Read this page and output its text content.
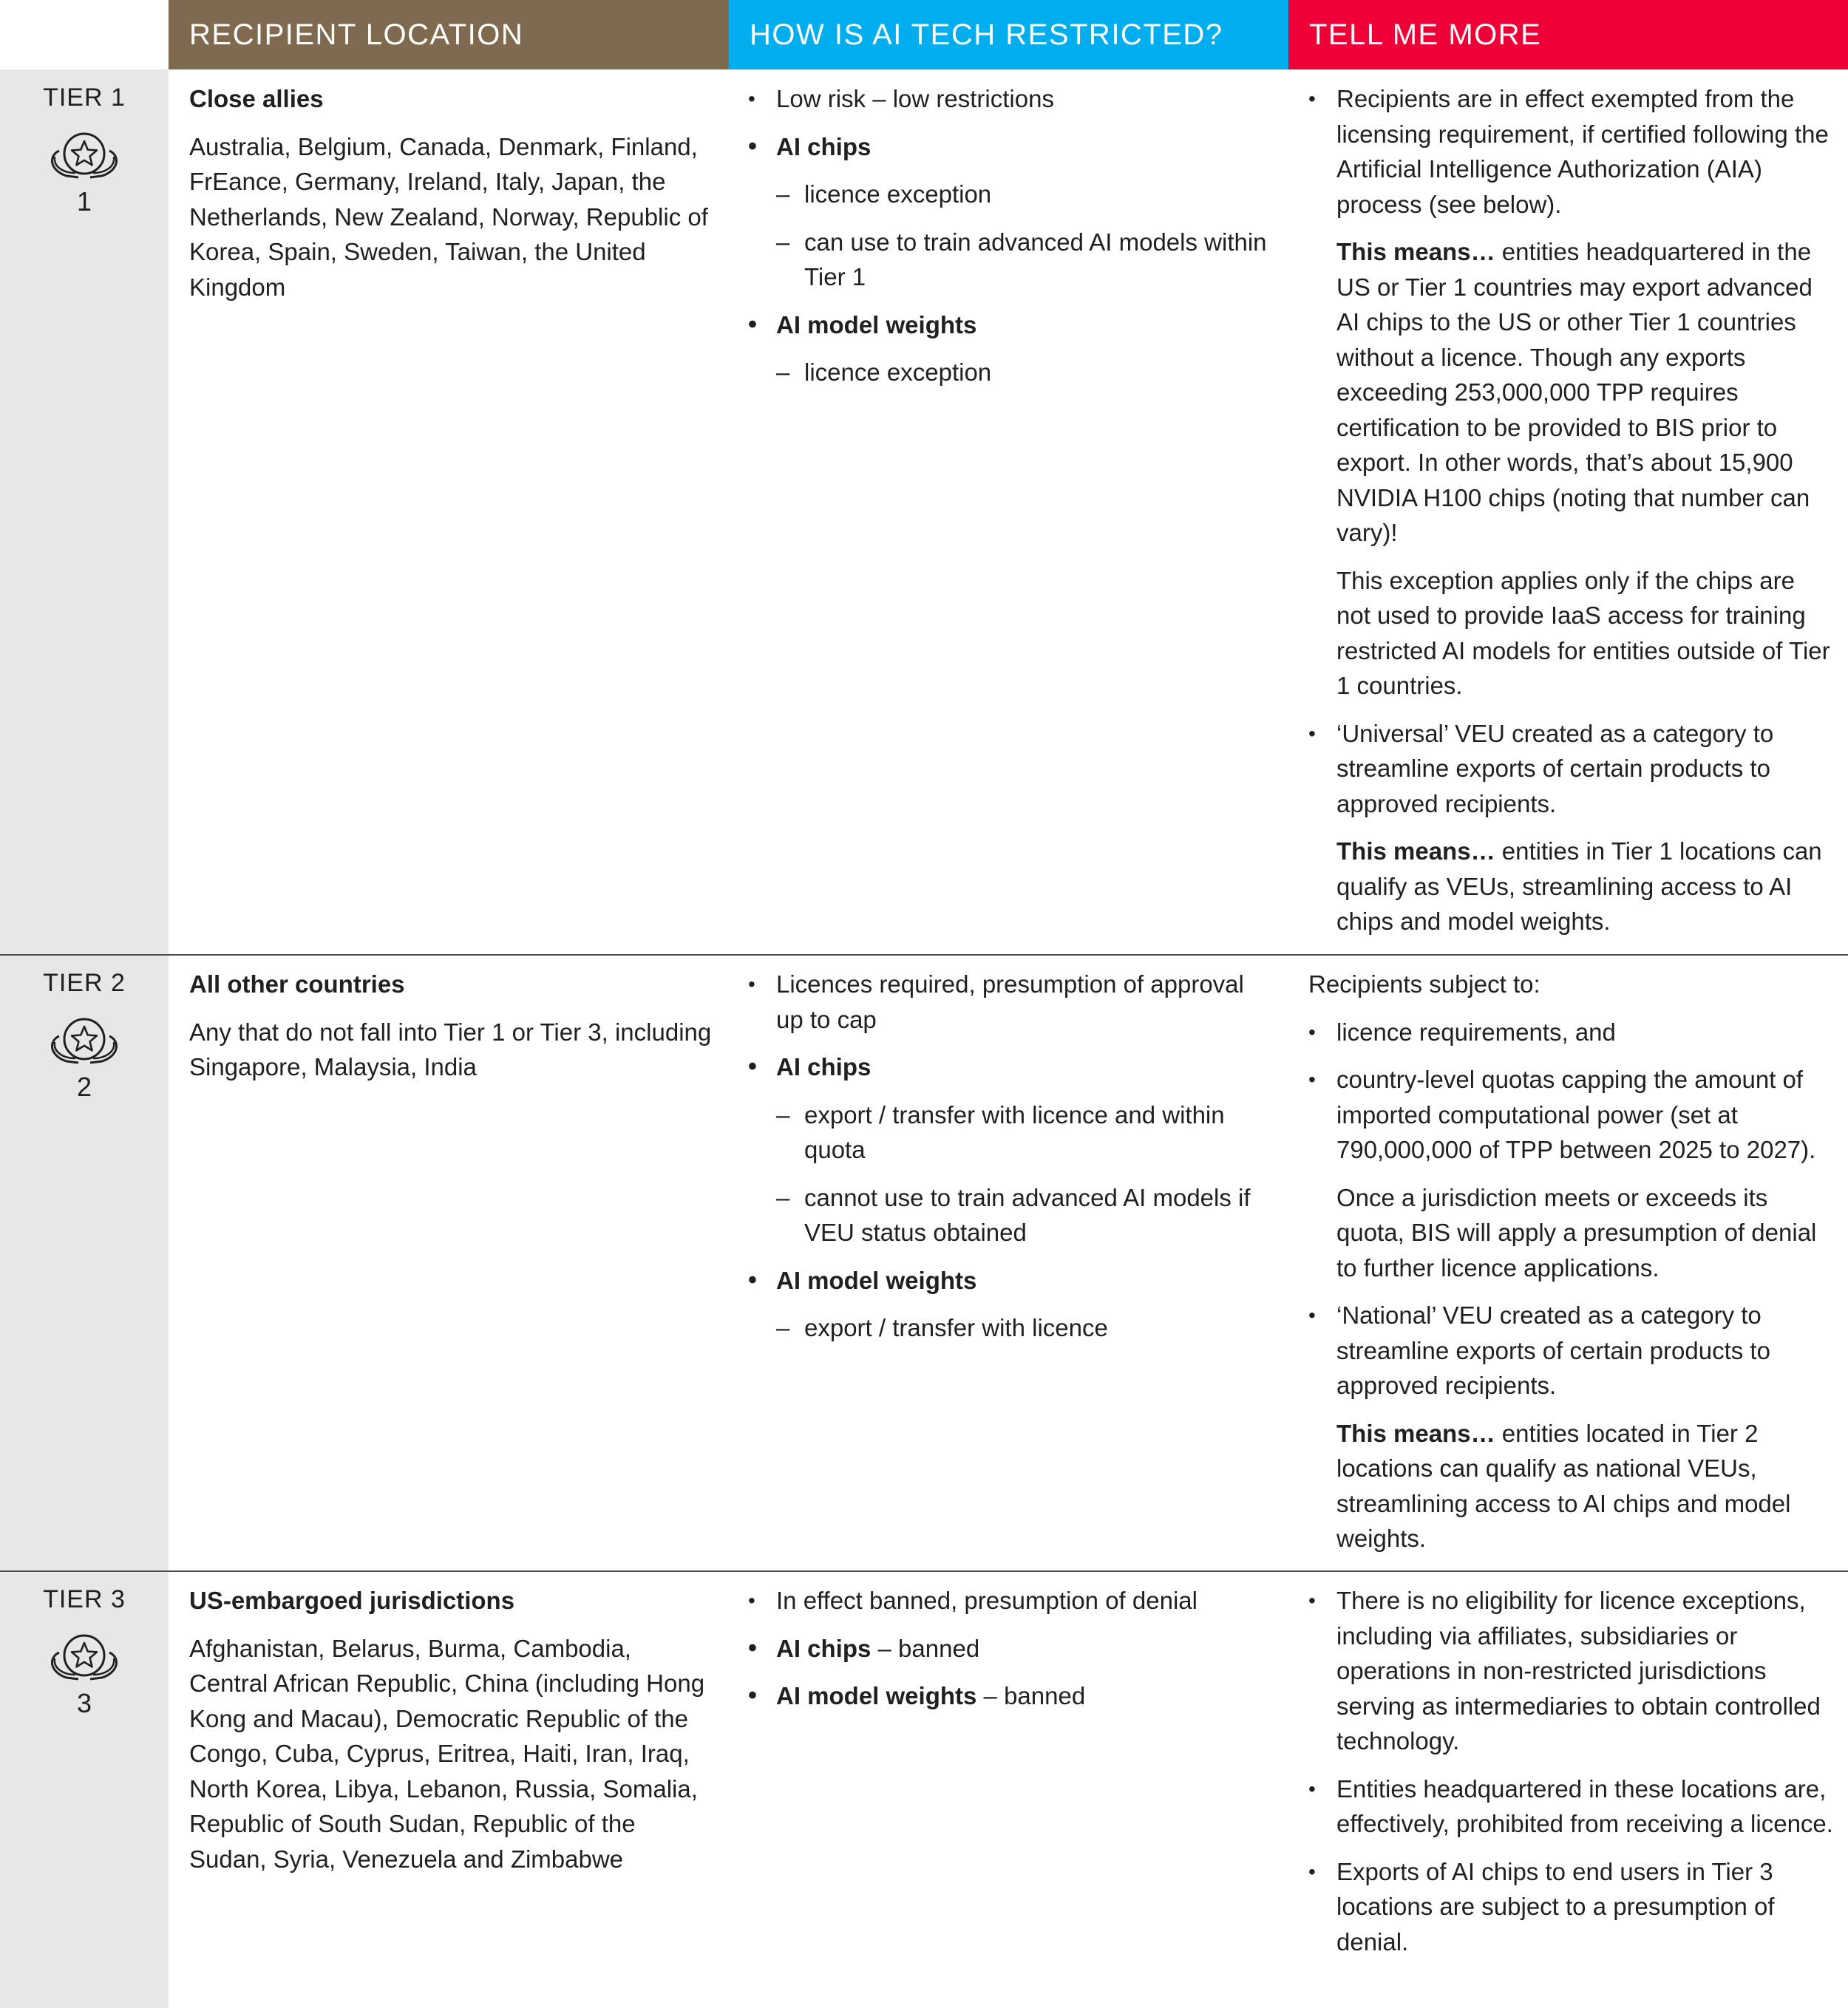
RECIPIENT LOCATION	HOW IS AI TECH RESTRICTED?	TELL ME MORE
TIER 1
1

Close allies

Australia, Belgium, Canada, Denmark, Finland, FrEance, Germany, Ireland, Italy, Japan, the Netherlands, New Zealand, Norway, Republic of Korea, Spain, Sweden, Taiwan, the United Kingdom

• Low risk – low restrictions
• AI chips
– licence exception
– can use to train advanced AI models within Tier 1
• AI model weights
– licence exception
• Recipients are in effect exempted from the licensing requirement, if certified following the Artificial Intelligence Authorization (AIA) process (see below).
This means… entities headquartered in the US or Tier 1 countries may export advanced AI chips to the US or other Tier 1 countries without a licence. Though any exports exceeding 253,000,000 TPP requires certification to be provided to BIS prior to export. In other words, that’s about 15,900 NVIDIA H100 chips (noting that number can vary)!
This exception applies only if the chips are not used to provide IaaS access for training restricted AI models for entities outside of Tier 1 countries.
• ‘Universal’ VEU created as a category to streamline exports of certain products to approved recipients.
This means… entities in Tier 1 locations can qualify as VEUs, streamlining access to AI chips and model weights.
TIER 2
2

All other countries

Any that do not fall into Tier 1 or Tier 3, including Singapore, Malaysia, India

• Licences required, presumption of approval up to cap
• AI chips
– export / transfer with licence and within quota
– cannot use to train advanced AI models if VEU status obtained
• AI model weights
– export / transfer with licence

Recipients subject to:

• licence requirements, and
• country-level quotas capping the amount of imported computational power (set at 790,000,000 of TPP between 2025 to 2027).
Once a jurisdiction meets or exceeds its quota, BIS will apply a presumption of denial to further licence applications.
• ‘National’ VEU created as a category to streamline exports of certain products to approved recipients.
This means… entities located in Tier 2 locations can qualify as national VEUs, streamlining access to AI chips and model weights.
TIER 3
3

US-embargoed jurisdictions

Afghanistan, Belarus, Burma, Cambodia, Central African Republic, China (including Hong Kong and Macau), Democratic Republic of the Congo, Cuba, Cyprus, Eritrea, Haiti, Iran, Iraq, North Korea, Libya, Lebanon, Russia, Somalia, Republic of South Sudan, Republic of the Sudan, Syria, Venezuela and Zimbabwe

• In effect banned, presumption of denial
• AI chips – banned
• AI model weights – banned
• There is no eligibility for licence exceptions, including via affiliates, subsidiaries or operations in non-restricted jurisdictions serving as intermediaries to obtain controlled technology.
• Entities headquartered in these locations are, effectively, prohibited from receiving a licence.
• Exports of AI chips to end users in Tier 3 locations are subject to a presumption of denial.
